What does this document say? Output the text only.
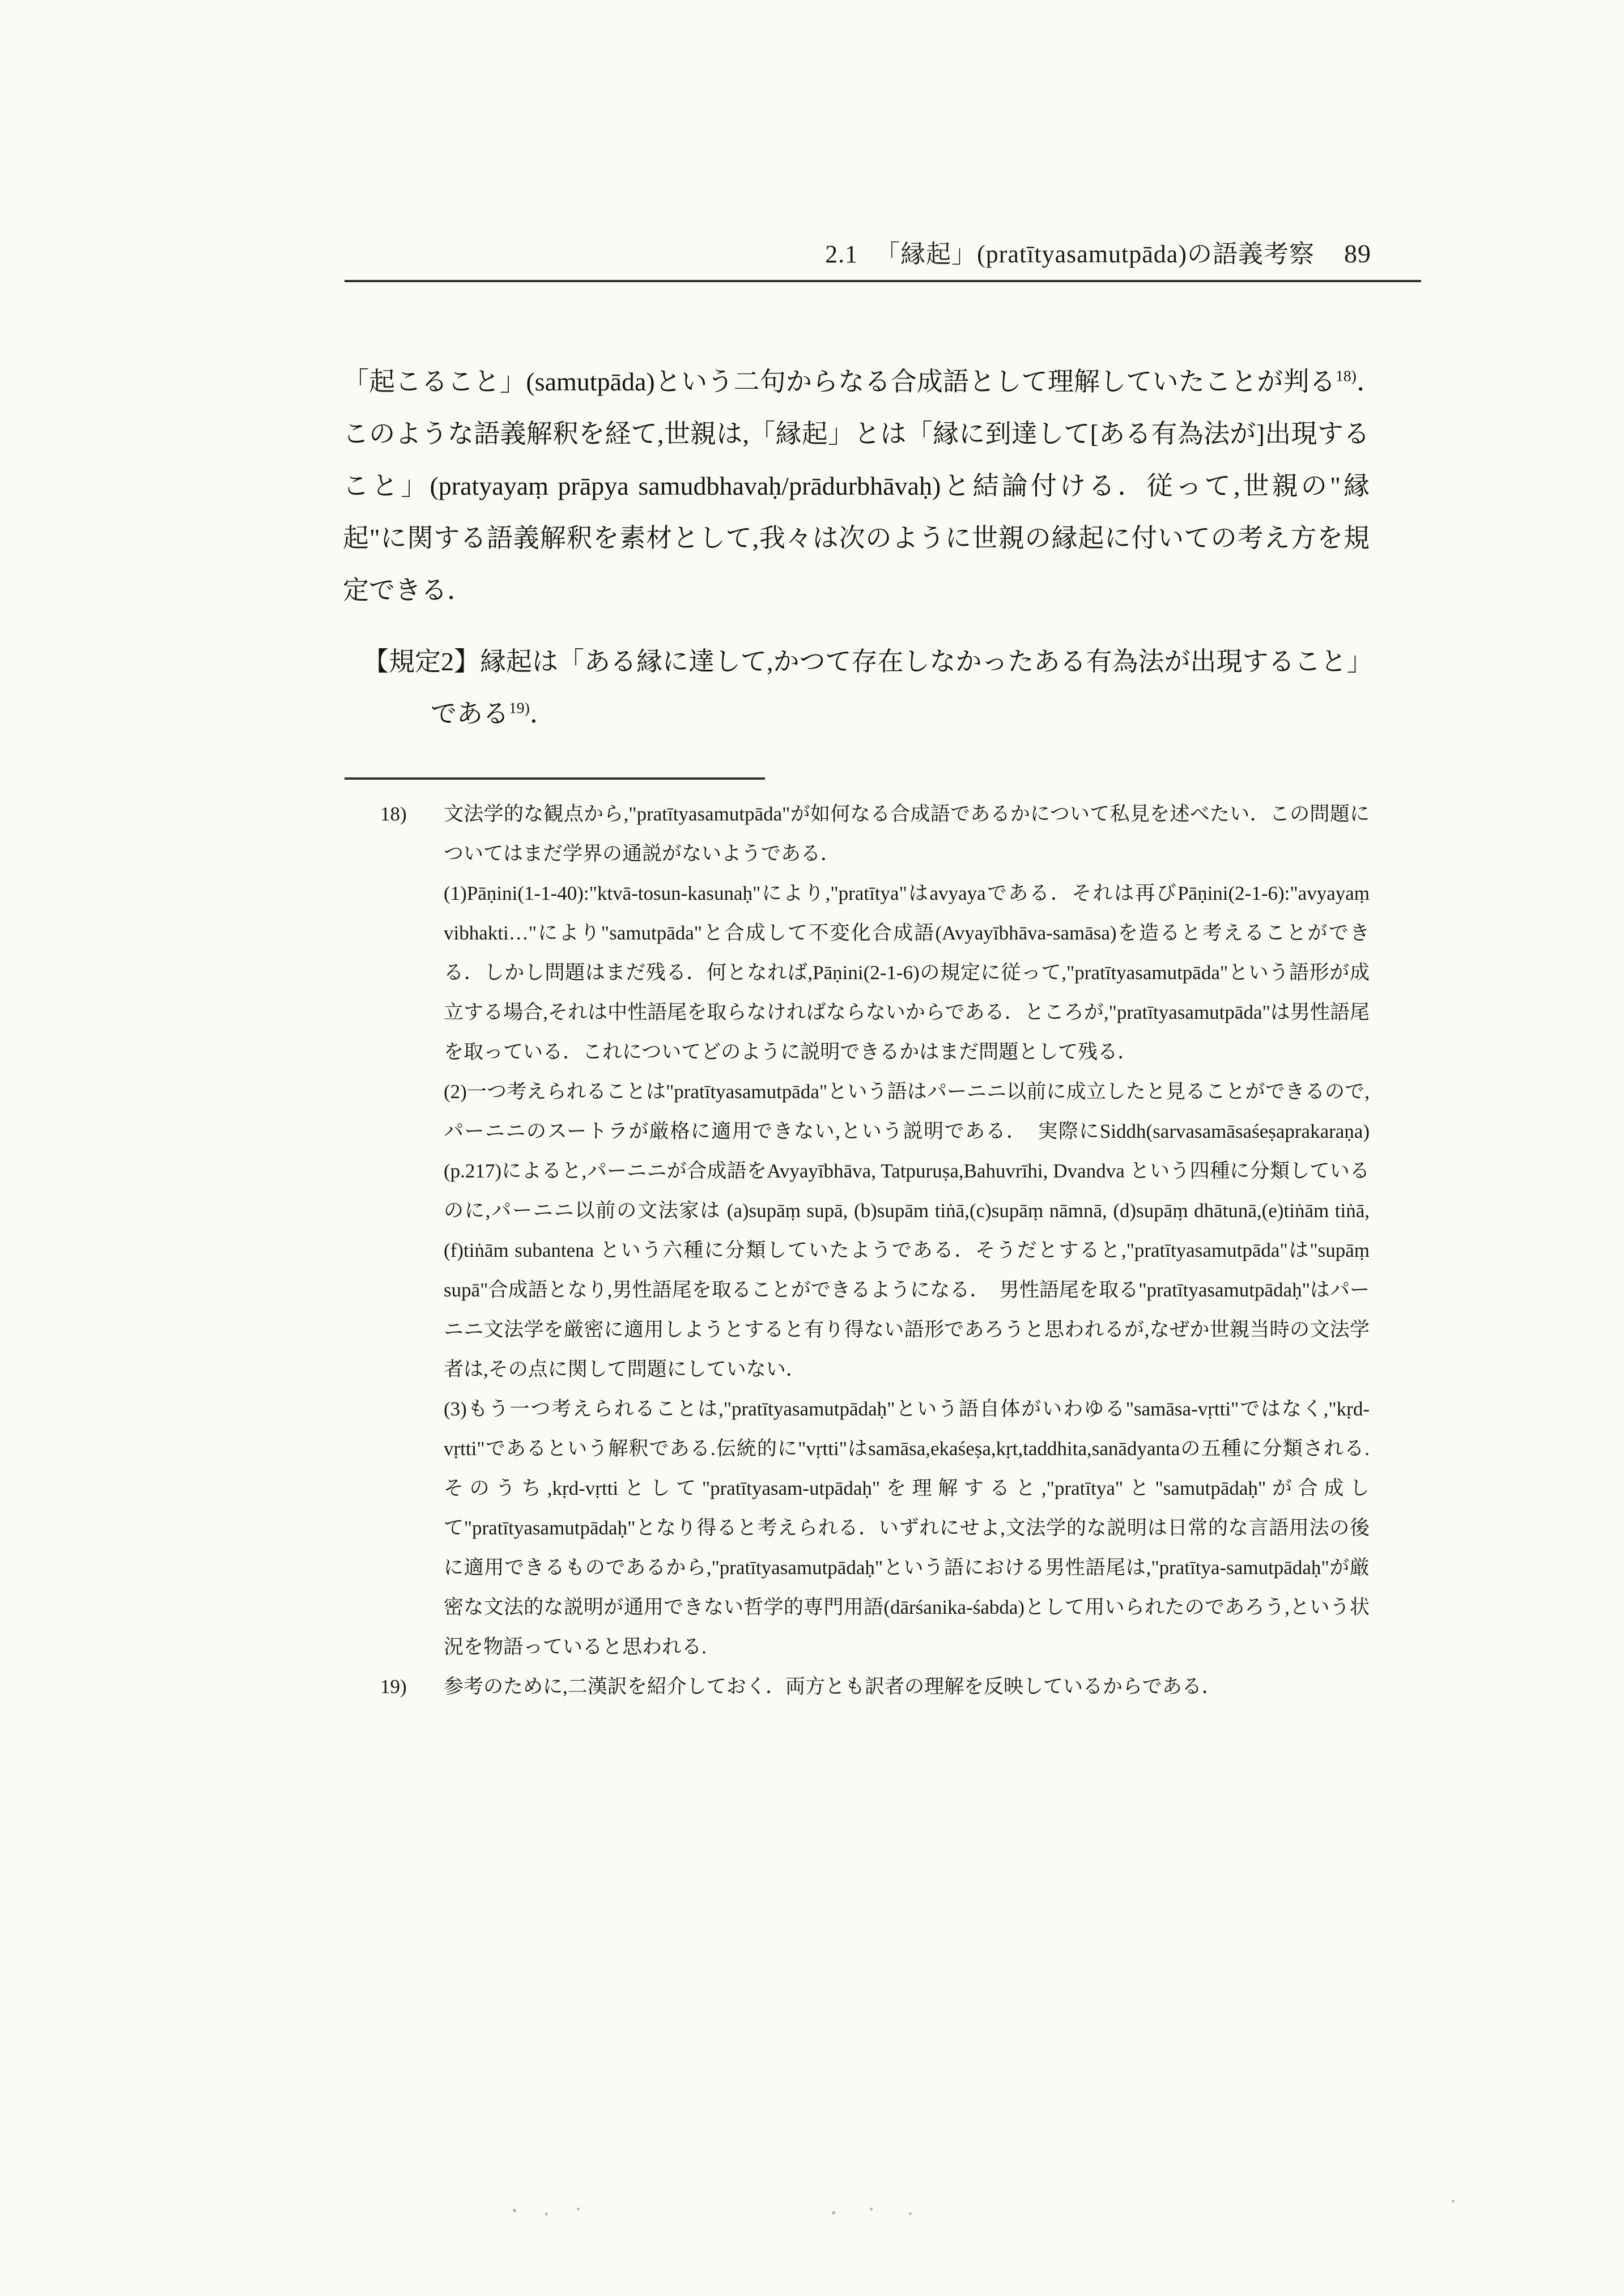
2.1 「縁起」(pratītyasamutpāda)の語義考察 89

「起こること」(samutpāda)という二句からなる合成語として理解していたことが判る$^{18)}$．　このような語義解釈を経て,世親は,「縁起」とは「縁に到達して[ある有為法が]出現すること」(pratyayaṃ prāpya samudbhavaḥ/prādurbhāvaḥ)と結論付ける．従って,世親の"縁起"に関する語義解釈を素材として,我々は次のように世親の縁起に付いての考え方を規定できる．

【規定2】縁起は「ある縁に達して,かつて存在しなかったある有為法が出現すること」である$^{19)}$．

18)	文法学的な観点から,"pratītyasamutpāda"が如何なる合成語であるかについて私見を述べたい．この問題についてはまだ学界の通説がないようである．

(1)Pāṇini(1-1-40):"ktvā-tosun-kasunaḥ"により,"pratītya"はavyayaである．それは再びPāṇini(2-1-6):"avyayaṃ　　vibhakti…"により"samutpāda"と合成して不変化合成語(Avyayībhāva-samāsa)を造ると考えることができる．しかし問題はまだ残る．何となれば,Pāṇini(2-1-6)の規定に従って,"pratītyasamutpāda"という語形が成立する場合,それは中性語尾を取らなければならないからである．ところが,"pratītyasamutpāda"は男性語尾を取っている．これについてどのように説明できるかはまだ問題として残る．

(2)一つ考えられることは"pratītyasamutpāda"という語はパーニニ以前に成立したと見ることができるので,パーニニのスートラが厳格に適用できない,という説明である．　実際にSiddh(sarvasamāsaśeṣaprakaraṇa)(p.217)によると,パーニニが合成語をAvyayībhāva, Tatpuruṣa,Bahuvrīhi, Dvandva という四種に分類しているのに,パーニニ以前の文法家は (a)supāṃ supā, (b)supām tiṅā,(c)supāṃ nāmnā, (d)supāṃ dhātunā,(e)tiṅām tiṅā, (f)tiṅām subantena という六種に分類していたようである．そうだとすると,"pratītyasamutpāda"は"supāṃ　supā"合成語となり,男性語尾を取ることができるようになる．　男性語尾を取る"pratītyasamutpādaḥ"はパーニニ文法学を厳密に適用しようとすると有り得ない語形であろうと思われるが,なぜか世親当時の文法学者は,その点に関して問題にしていない．

(3)もう一つ考えられることは,"pratītyasamutpādaḥ"という語自体がいわゆる"samāsa-vṛtti"ではなく,"kṛd-vṛtti"であるという解釈である.伝統的に"vṛtti"はsamāsa,ekaśeṣa,kṛt,taddhita,sanādyantaの五種に分類される.そのうち,kṛd-vṛttiとして"pratītyasam-utpādaḥ"を理解すると,"pratītya"と"samutpādaḥ"が合成して"pratītyasamutpādaḥ"となり得ると考えられる．いずれにせよ,文法学的な説明は日常的な言語用法の後に適用できるものであるから,"pratītyasamutpādaḥ"という語における男性語尾は,"pratītya-samutpādaḥ"が厳密な文法的な説明が通用できない哲学的専門用語(dārśanika-śabda)として用いられたのであろう,という状況を物語っていると思われる.

19)	参考のために,二漢訳を紹介しておく．両方とも訳者の理解を反映しているからである．
